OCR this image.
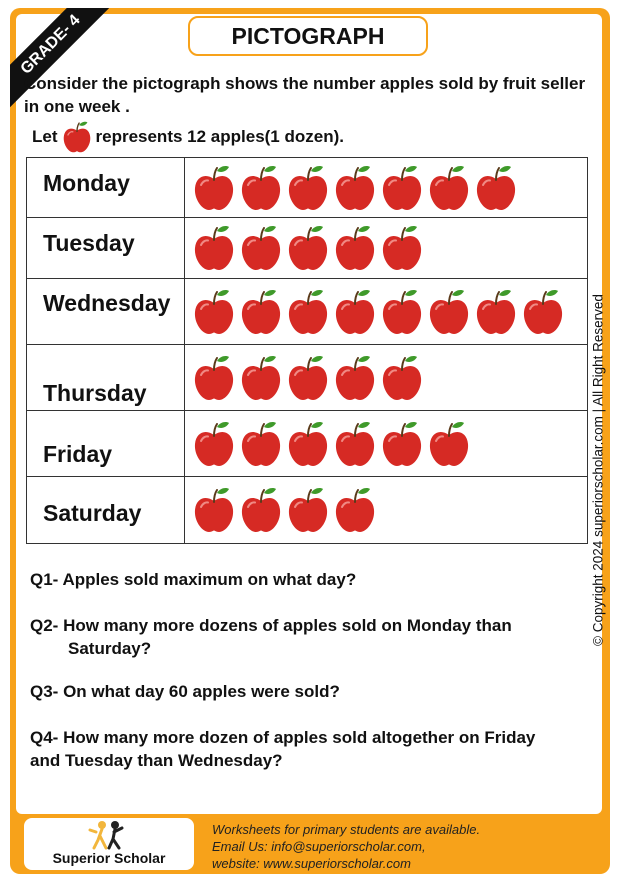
GRADE- 4	PICTOGRAPH
Consider the pictograph shows the number apples sold by fruit seller in one week .
Let represents 12 apples(1 dozen).
Monday
Tuesday
Wednesday
Thursday
Friday
Saturday
Q1- Apples sold maximum on what day?
Q2- How many more dozens of apples sold on Monday than
Saturday?
Q3- On what day 60 apples were sold?
Q4- How many more dozen of apples sold altogether on Friday
and Tuesday than Wednesday?
© Copyright 2024 superiorscholar.com | All Right Reserved
Superior Scholar
Worksheets for primary students are available.
Email Us: info@superiorscholar.com,
website: www.superiorscholar.com
